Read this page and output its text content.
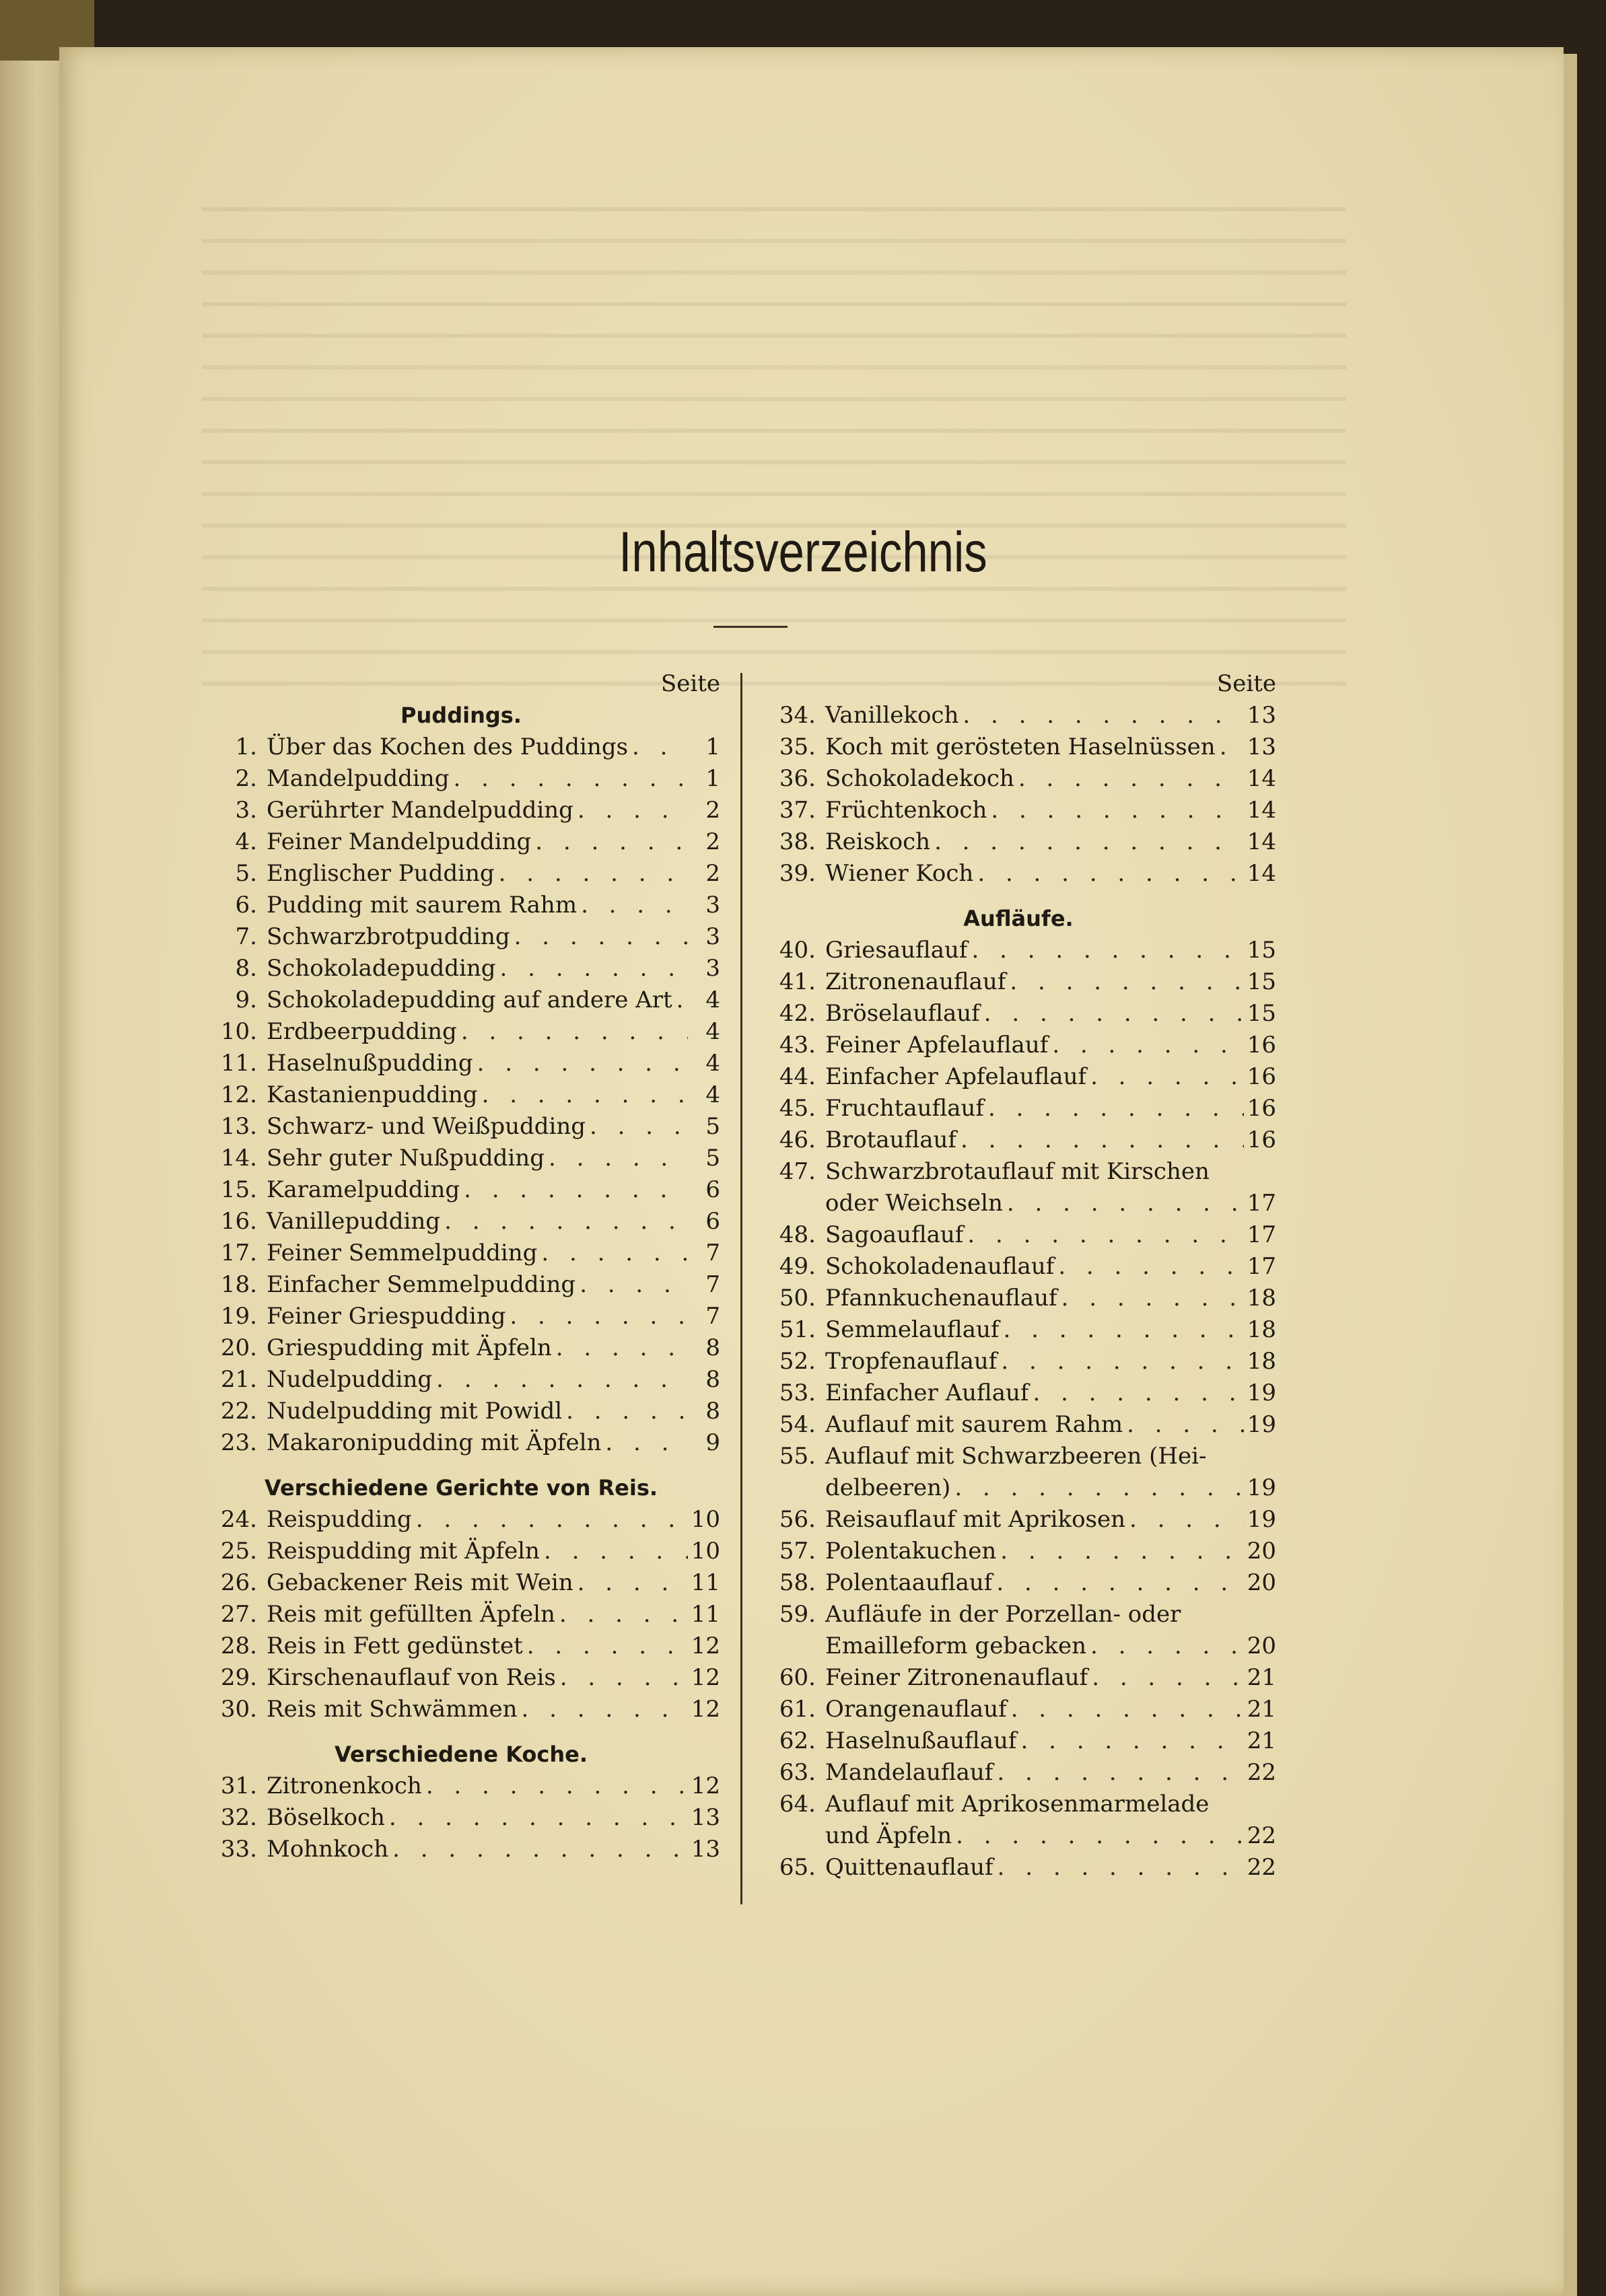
Inhaltsverzeichnis
Seite
Puddings.
1. Über das Kochen des Puddings . . .	1
2. Mandelpudding . . .	1
3. Gerührter Mandelpudding . . .	2
4. Feiner Mandelpudding . . .	2
5. Englischer Pudding . . .	2
6. Pudding mit saurem Rahm . . .	3
7. Schwarzbrotpudding . . .	3
8. Schokoladepudding . . .	3
9. Schokoladepudding auf andere Art . . .	4
10. Erdbeerpudding . . .	4
11. Haselnußpudding . . .	4
12. Kastanienpudding . . .	4
13. Schwarz- und Weißpudding . . .	5
14. Sehr guter Nußpudding . . .	5
15. Karamelpudding . . .	6
16. Vanillepudding . . .	6
17. Feiner Semmelpudding . . .	7
18. Einfacher Semmelpudding . . .	7
19. Feiner Griespudding . . .	7
20. Griespudding mit Äpfeln . . .	8
21. Nudelpudding . . .	8
22. Nudelpudding mit Powidl . . .	8
23. Makaronipudding mit Äpfeln . . .	9
Verschiedene Gerichte von Reis.
24. Reispudding . . .	10
25. Reispudding mit Äpfeln . . .	10
26. Gebackener Reis mit Wein . . .	11
27. Reis mit gefüllten Äpfeln . . .	11
28. Reis in Fett gedünstet . . .	12
29. Kirschenauflauf von Reis . . .	12
30. Reis mit Schwämmen . . .	12
Verschiedene Koche.
31. Zitronenkoch . . .	12
32. Böselkoch . . .	13
33. Mohnkoch . . .	13
Seite
34. Vanillekoch . . .	13
35. Koch mit gerösteten Haselnüssen . . . 13
36. Schokoladekoch . . .	14
37. Früchtenkoch . . .	14
38. Reiskoch . . .	14
39. Wiener Koch . . .	14
Aufläufe.
40. Griesauflauf . . .	15
41. Zitronenauflauf . . .	15
42. Bröselauflauf . . .	15
43. Feiner Apfelauflauf . . .	16
44. Einfacher Apfelauflauf . . .	16
45. Fruchtauflauf . . .	16
46. Brotauflauf . . .	16
47. Schwarzbrotauflauf mit Kirschen
oder Weichseln . . .	17
48. Sagoauflauf . . .	17
49. Schokoladenauflauf . . .	17
50. Pfannkuchenauflauf . . .	18
51. Semmelauflauf . . .	18
52. Tropfenauflauf . . .	18
53. Einfacher Auflauf . . .	19
54. Auflauf mit saurem Rahm . . .	19
55. Auflauf mit Schwarzbeeren (Hei-
delbeeren) . . .	19
56. Reisauflauf mit Aprikosen . . .	19
57. Polentakuchen . . .	20
58. Polentaauflauf . . .	20
59. Aufläufe in der Porzellan- oder
Emailleform gebacken . . .	20
60. Feiner Zitronenauflauf . . .	21
61. Orangenauflauf . . .	21
62. Haselnußauflauf . . .	21
63. Mandelauflauf . . .	22
64. Auflauf mit Aprikosenmarmelade
und Äpfeln . . .	22
65. Quittenauflauf . . .	22
